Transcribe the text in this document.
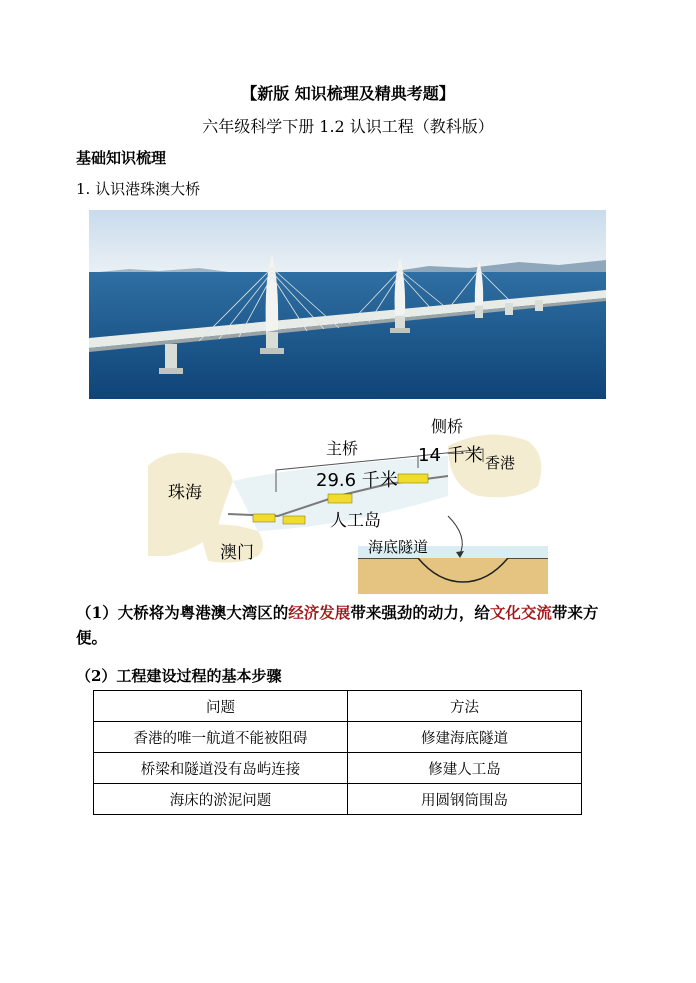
【新版 知识梳理及精典考题】
六年级科学下册 1.2 认识工程（教科版）
基础知识梳理
1. 认识港珠澳大桥
珠海
澳门
香港
主桥
侧桥
29.6 千米
14 千米
人工岛
海底隧道
（1）大桥将为粤港澳大湾区的经济发展带来强劲的动力，给文化交流带来方便。
（2）工程建设过程的基本步骤
问题	方法
香港的唯一航道不能被阻碍	修建海底隧道
桥梁和隧道没有岛屿连接	修建人工岛
海床的淤泥问题	用圆钢筒围岛
